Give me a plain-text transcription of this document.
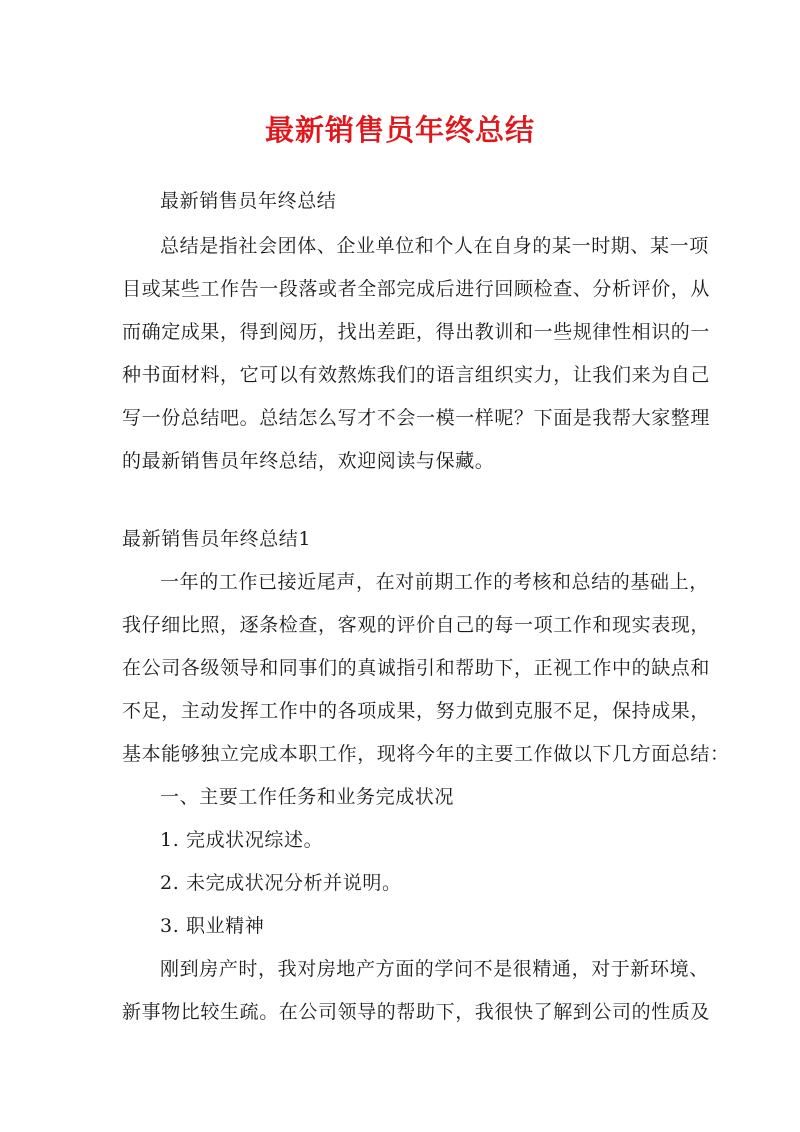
最新销售员年终总结
最新销售员年终总结
总结是指社会团体、企业单位和个人在自身的某一时期、某一项
目或某些工作告一段落或者全部完成后进行回顾检查、分析评价，从
而确定成果，得到阅历，找出差距，得出教训和一些规律性相识的一
种书面材料，它可以有效熬炼我们的语言组织实力，让我们来为自己
写一份总结吧。总结怎么写才不会一模一样呢？下面是我帮大家整理
的最新销售员年终总结，欢迎阅读与保藏。
最新销售员年终总结1
一年的工作已接近尾声，在对前期工作的考核和总结的基础上，
我仔细比照，逐条检查，客观的评价自己的每一项工作和现实表现，
在公司各级领导和同事们的真诚指引和帮助下，正视工作中的缺点和
不足，主动发挥工作中的各项成果，努力做到克服不足，保持成果，
基本能够独立完成本职工作，现将今年的主要工作做以下几方面总结：
一、主要工作任务和业务完成状况
1. 完成状况综述。
2. 未完成状况分析并说明。
3. 职业精神
刚到房产时，我对房地产方面的学问不是很精通，对于新环境、
新事物比较生疏。在公司领导的帮助下，我很快了解到公司的性质及
